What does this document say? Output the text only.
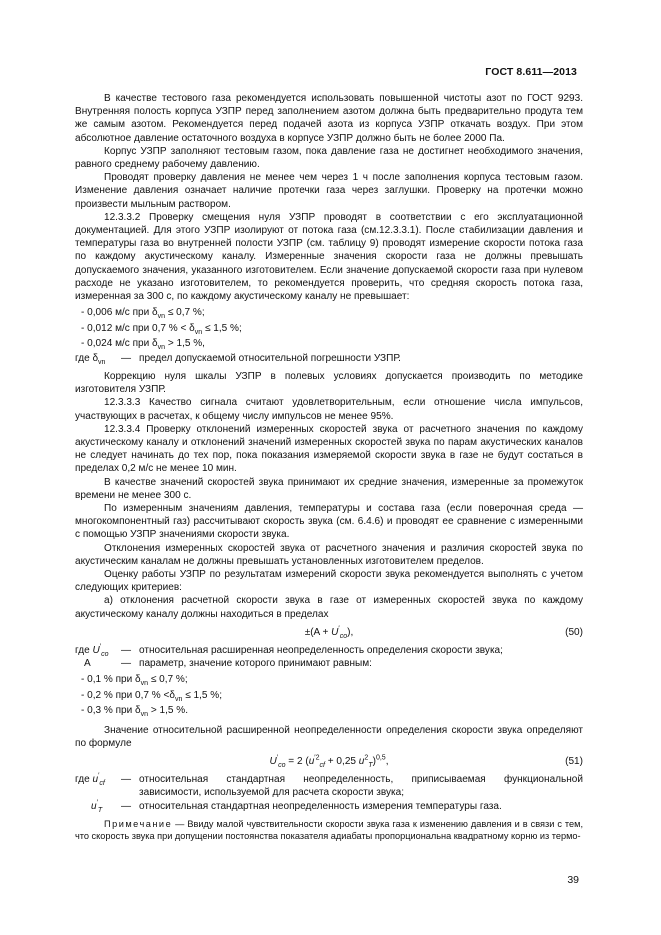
ГОСТ 8.611—2013

В качестве тестового газа рекомендуется использовать повышенной чистоты азот по ГОСТ 9293. Внутренняя полость корпуса УЗПР перед заполнением азотом должна быть предварительно продута тем же самым азотом. Рекомендуется перед подачей азота из корпуса УЗПР откачать воздух. При этом абсолютное давление остаточного воздуха в корпусе УЗПР должно быть не более 2000 Па.

Корпус УЗПР заполняют тестовым газом, пока давление газа не достигнет необходимого значения, равного среднему рабочему давлению.

Проводят проверку давления не менее чем через 1 ч после заполнения корпуса тестовым газом. Изменение давления означает наличие протечки газа через заглушки. Проверку на протечки можно произвести мыльным раствором.

12.3.3.2 Проверку смещения нуля УЗПР проводят в соответствии с его эксплуатационной документацией. Для этого УЗПР изолируют от потока газа (см.12.3.3.1). После стабилизации давления и температуры газа во внутренней полости УЗПР (см. таблицу 9) проводят измерение скорости потока газа по каждому акустическому каналу. Измеренные значения скорости газа не должны превышать допускаемого значения, указанного изготовителем. Если значение допускаемой скорости газа при нулевом расходе не указано изготовителем, то рекомендуется проверить, что средняя скорость потока газа, измеренная за 300 с, по каждому акустическому каналу не превышает:

- 0,006 м/с при $\delta_{vn} \le 0,7$ %;
- 0,012 м/с при 0,7 % < $\delta_{vn} \le 1,5$ %;
- 0,024 м/с при $\delta_{vn} > 1,5$ %,
где $\delta_{vn}$	— предел допускаемой относительной погрешности УЗПР.

Коррекцию нуля шкалы УЗПР в полевых условиях допускается производить по методике изготовителя УЗПР.

12.3.3.3 Качество сигнала считают удовлетворительным, если отношение числа импульсов, участвующих в расчетах, к общему числу импульсов не менее 95%.

12.3.3.4 Проверку отклонений измеренных скоростей звука от расчетного значения по каждому акустическому каналу и отклонений значений измеренных скоростей звука по парам акустических каналов не следует начинать до тех пор, пока показания измеряемой скорости звука в газе не будут состаться в пределах 0,2 м/с не менее 10 мин.

В качестве значений скоростей звука принимают их средние значения, измеренные за промежуток времени не менее 300 с.

По измеренным значениям давления, температуры и состава газа (если поверочная среда — многокомпонентный газ) рассчитывают скорость звука (см. 6.4.6) и проводят ее сравнение с измеренными с помощью УЗПР значениями скорости звука.

Отклонения измеренных скоростей звука от расчетного значения и различия скоростей звука по акустическим каналам не должны превышать установленных изготовителем пределов.

Оценку работы УЗПР по результатам измерений скорости звука рекомендуется выполнять с учетом следующих критериев:

а) отклонения расчетной скорости звука в газе от измеренных скоростей звука по каждому акустическому каналу должны находиться в пределах

$\pm(A + U'_{co})$,	(50)
где $U'_{co}$	— относительная расширенная неопределенность определения скорости звука;
A	— параметр, значение которого принимают равным:
- 0,1 % при $\delta_{vn} \le 0,7$ %;
- 0,2 % при 0,7 % $<\delta_{vn} \le 1,5$ %;
- 0,3 % при $\delta_{vn} > 1,5$ %.

Значение относительной расширенной неопределенности определения скорости звука определяют по формуле

$U'_{co} = 2$ ($u^{'2}_{cf} + 0,25$ $u^2_T)^{0,5}$,	(51)
где $u'_{cf}$	— относительная стандартная неопределенность, приписываемая функциональной зависимости, используемой для расчета скорости звука;
$u'_T$	— относительная стандартная неопределенность измерения температуры газа.

Примечание — Ввиду малой чувствительности скорости звука газа к изменению давления и в связи с тем, что скорость звука при допущении постоянства показателя адиабаты пропорциональна квадратному корню из термо-

39
